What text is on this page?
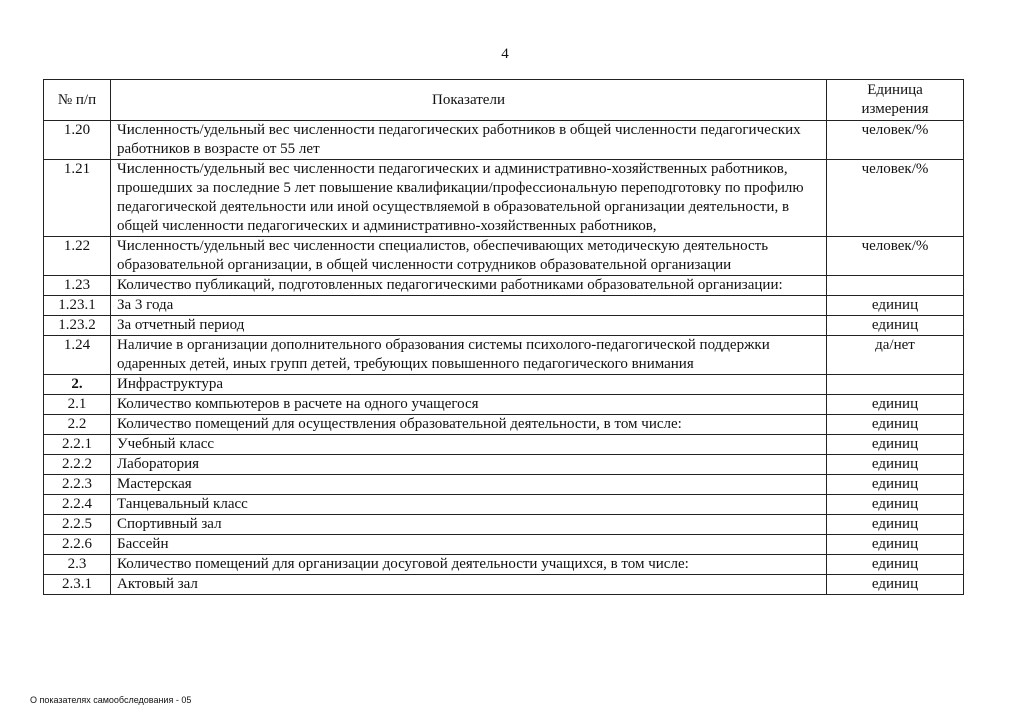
4
№ п/п	Показатели	Единица измерения
1.20	Численность/удельный вес численности педагогических работников в общей численности педагогических работников в возрасте от 55 лет	человек/%
1.21	Численность/удельный вес численности педагогических и административно-хозяйственных работников, прошедших за последние 5 лет повышение квалификации/профессиональную переподготовку по профилю педагогической деятельности или иной осуществляемой в образовательной организации деятельности, в общей численности педагогических и административно-хозяйственных работников,	человек/%
1.22	Численность/удельный вес численности специалистов, обеспечивающих методическую деятельность образовательной организации, в общей численности сотрудников образовательной организации	человек/%
1.23	Количество публикаций, подготовленных педагогическими работниками образовательной организации:	
1.23.1	За 3 года	единиц
1.23.2	За отчетный период	единиц
1.24	Наличие в организации дополнительного образования системы психолого-педагогической поддержки одаренных детей, иных групп детей, требующих повышенного педагогического внимания	да/нет
2.	Инфраструктура	
2.1	Количество компьютеров в расчете на одного учащегося	единиц
2.2	Количество помещений для осуществления образовательной деятельности, в том числе:	единиц
2.2.1	Учебный класс	единиц
2.2.2	Лаборатория	единиц
2.2.3	Мастерская	единиц
2.2.4	Танцевальный класс	единиц
2.2.5	Спортивный зал	единиц
2.2.6	Бассейн	единиц
2.3	Количество помещений для организации досуговой деятельности учащихся, в том числе:	единиц
2.3.1	Актовый зал	единиц
О показателях самообследования - 05
